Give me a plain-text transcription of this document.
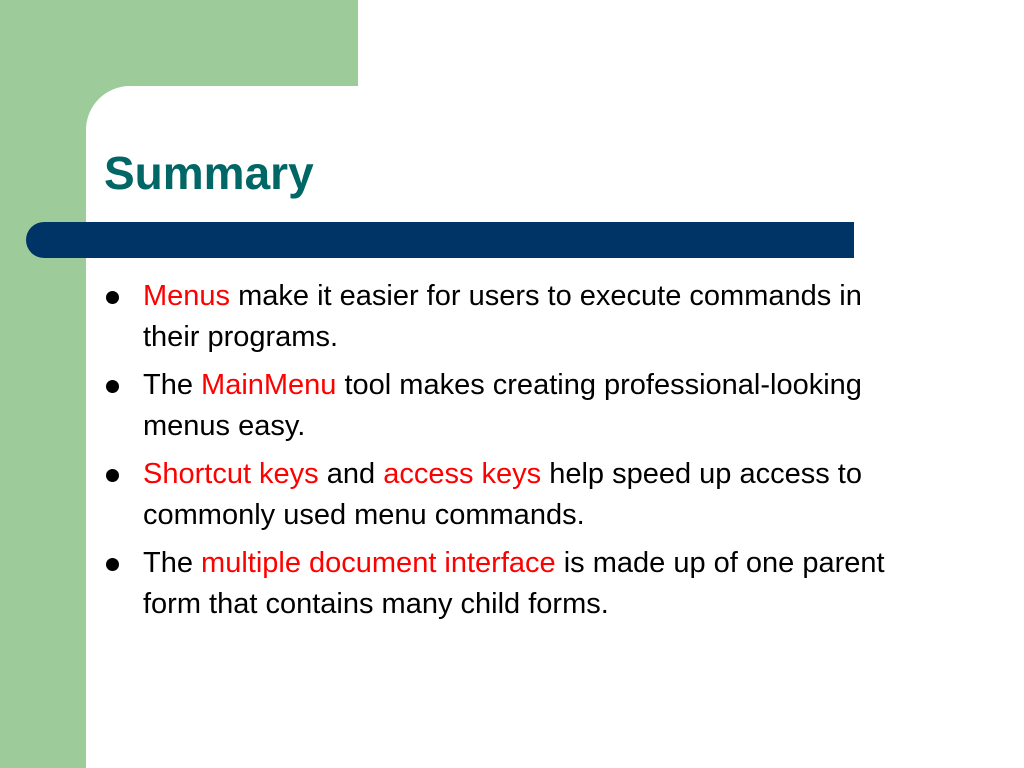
Summary
Menus make it easier for users to execute commands in their programs.
The MainMenu tool makes creating professional-looking menus easy.
Shortcut keys and access keys help speed up access to commonly used menu commands.
The multiple document interface is made up of one parent form that contains many child forms.
